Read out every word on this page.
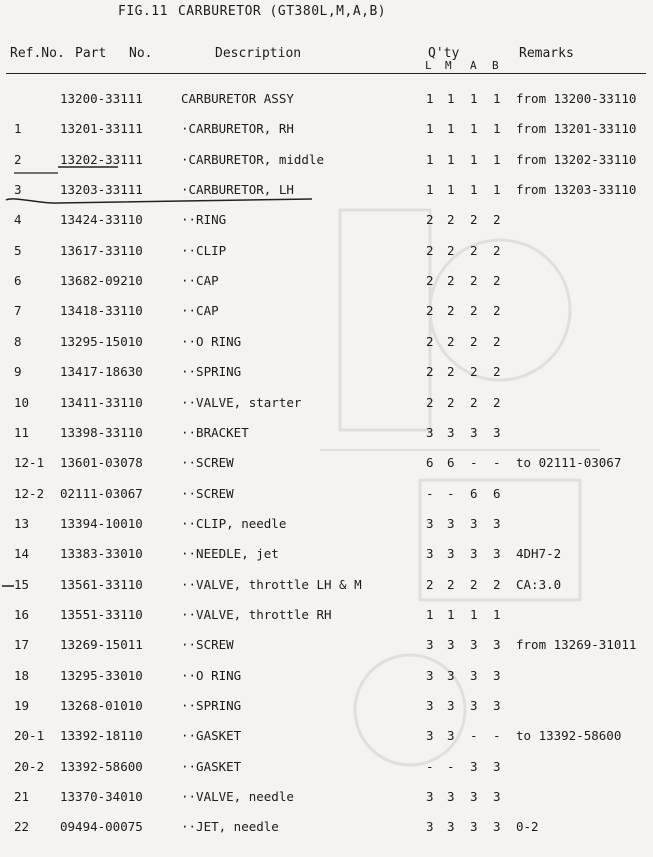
FIG.11 CARBURETOR (GT380L,M,A,B)
Ref.No. Part No.	Description	Q'ty	Remarks
L M A B
13200-33111	CARBURETOR ASSY	1 1 1 1 from 13200-33110
1	13201-33111	·CARBURETOR, RH	1 1 1 1 from 13201-33110
2	13202-33111	·CARBURETOR, middle	1 1 1 1 from 13202-33110
3	13203-33111	·CARBURETOR, LH	1 1 1 1 from 13203-33110
4	13424-33110	··RING	2 2 2 2
5	13617-33110	··CLIP	2 2 2 2
6	13682-09210	··CAP	2 2 2 2
7	13418-33110	··CAP	2 2 2 2
8	13295-15010	··O RING	2 2 2 2
9	13417-18630	··SPRING	2 2 2 2
10 13411-33110	··VALVE, starter	2 2 2 2
11 13398-33110	··BRACKET	3 3 3 3
12-1 13601-03078	··SCREW	6 6 - - to 02111-03067
12-2 02111-03067	··SCREW	- - 6 6
13 13394-10010	··CLIP, needle	3 3 3 3
14 13383-33010	··NEEDLE, jet	3 3 3 3 4DH7-2
15 13561-33110	··VALVE, throttle LH & M	2 2 2 2 CA:3.0
16 13551-33110	··VALVE, throttle RH	1 1 1 1
17 13269-15011	··SCREW	3 3 3 3 from 13269-31011
18 13295-33010	··O RING	3 3 3 3
19 13268-01010	··SPRING	3 3 3 3
20-1 13392-18110	··GASKET	3 3 - - to 13392-58600
20-2 13392-58600	··GASKET	- - 3 3
21 13370-34010	··VALVE, needle	3 3 3 3
22 09494-00075	··JET, needle	3 3 3 3 0-2
